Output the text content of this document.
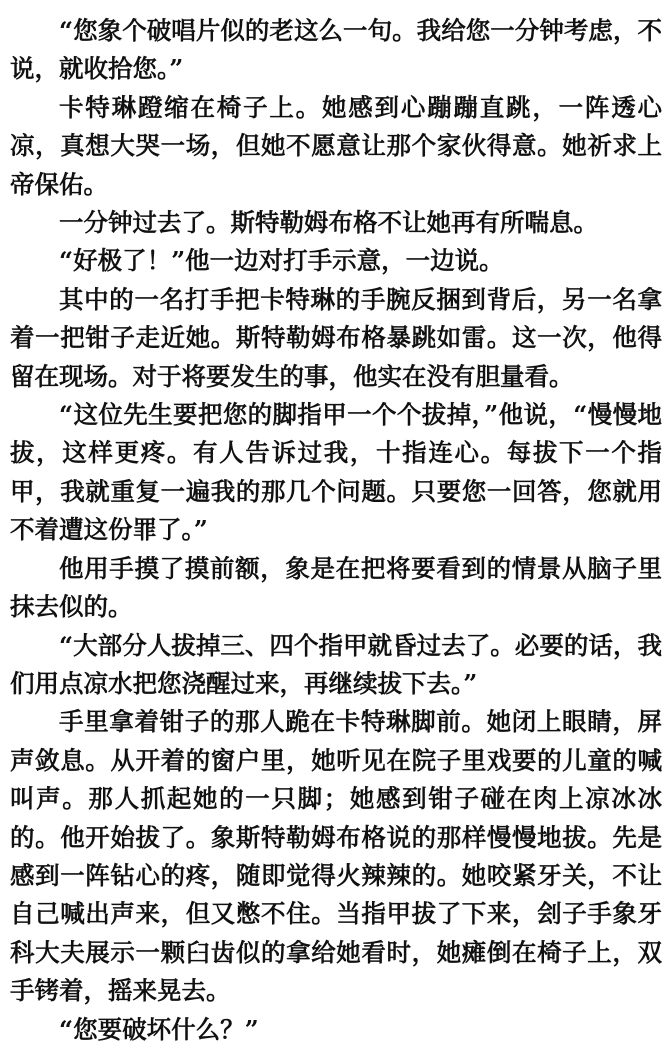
“您象个破唱片似的老这么一句。我给您一分钟考虑，不说，就收拾您。”

卡特琳蹬缩在椅子上。她感到心蹦蹦直跳，一阵透心凉，真想大哭一场，但她不愿意让那个家伙得意。她祈求上帝保佑。

一分钟过去了。斯特勒姆布格不让她再有所喘息。

“好极了！”他一边对打手示意，一边说。

其中的一名打手把卡特琳的手腕反捆到背后，另一名拿着一把钳子走近她。斯特勒姆布格暴跳如雷。这一次，他得留在现场。对于将要发生的事，他实在没有胆量看。

“这位先生要把您的脚指甲一个个拔掉，”他说，“慢慢地拔，这样更疼。有人告诉过我，十指连心。每拔下一个指甲，我就重复一遍我的那几个问题。只要您一回答，您就用不着遭这份罪了。”

他用手摸了摸前额，象是在把将要看到的情景从脑子里抹去似的。

“大部分人拔掉三、四个指甲就昏过去了。必要的话，我们用点凉水把您浇醒过来，再继续拔下去。”

手里拿着钳子的那人跪在卡特琳脚前。她闭上眼睛，屏声敛息。从开着的窗户里，她听见在院子里戏要的儿童的喊叫声。那人抓起她的一只脚；她感到钳子碰在肉上凉冰冰的。他开始拔了。象斯特勒姆布格说的那样慢慢地拔。先是感到一阵钻心的疼，随即觉得火辣辣的。她咬紧牙关，不让自己喊出声来，但又憋不住。当指甲拔了下来，刽子手象牙科大夫展示一颗臼齿似的拿给她看时，她瘫倒在椅子上，双手铐着，摇来晃去。

“您要破坏什么？”
